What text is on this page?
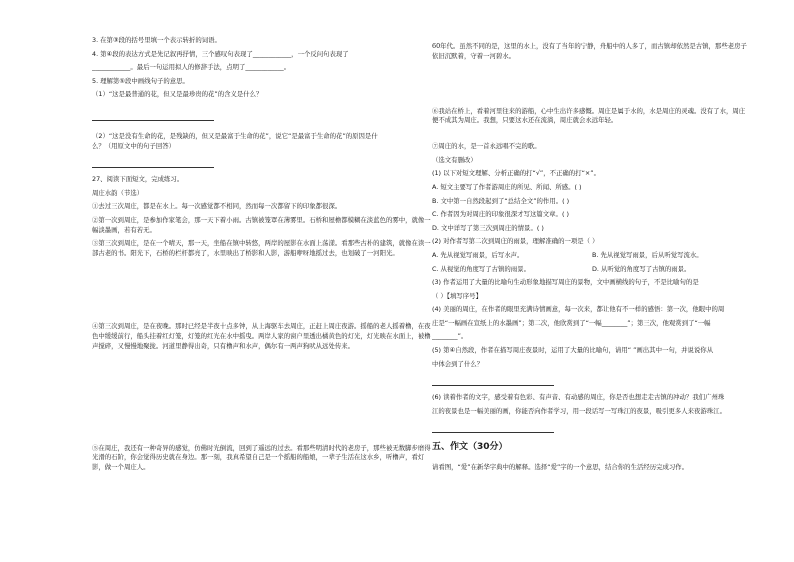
3. 在第③段的括号里填一个表示转折的词语。

4. 第④段的表达方式是先记叙再抒情，三个感叹句表现了____________，一个反问句表现了

____________。最后一句运用拟人的修辞手法，点明了____________。

5. 理解第⑤段中画线句子的意思。

（1）“这是最普通的花，但又是最珍贵的花”的含义是什么？

（2）“这是没有生命的花，是残缺的，但又是最富于生命的花”，说它“是最富于生命的花”的原因是什

么？（用原文中的句子回答）

27、阅读下面短文，完成练习。

周庄水韵（节选）

①去过三次周庄，都是在水上。每一次感觉都不相同，然而每一次都留下的印象都很深。

②第一次到周庄，是参加作家笔会，那一天下着小雨。古镇被笼罩在薄雾里。石桥和屋檐都模糊在淡蓝色的雾中，就像一幅淡墨画，若有若无。

③第三次到周庄，是在一个晴天，那一天，坐船在镇中转悠，两岸的屋影在水面上荡漾。看那些古朴的建筑，就像在读一部古老的书。阳光下，石桥的栏杆都亮了，水里映出了桥影和人影，游船咿呀地摇过去，也划破了一河阳光。

④第三次到周庄，是在夜晚。那时已经是半夜十点多钟，从上海驱车去周庄，正赶上周庄夜游。摇船的老人摇着橹，在夜色中缓缓前行，船头挂着红灯笼，灯笼的红光在水中摇曳。两岸人家的窗户里透出橘黄色的灯光，灯光映在水面上，被橹声搅碎，又慢慢地聚拢。河道里静得出奇，只有橹声和水声，偶尔有一两声狗吠从远处传来。

⑤在周庄，我还有一种奇异的感觉，仿佛时光倒流，回到了遥远的过去。看那些明清时代的老房子，那些被无数脚步磨得光滑的石阶，你会觉得历史就在身边。那一刻，我真希望自己是一个摇船的船娘，一辈子生活在这水乡，听橹声，看灯影，做一个周庄人。

60年代。虽然不同的是，这里的水上，没有了当年的宁静，舟船中的人多了，而古镇却依然是古镇，那些老房子依旧沉默着，守着一河碧水。

⑥我站在桥上，看着河里往来的游船，心中生出许多感慨。周庄是属于水的，水是周庄的灵魂。没有了水，周庄便不成其为周庄。我想，只要这水还在流淌，周庄就会永远年轻。

⑦周庄的水，是一首永远唱不完的歌。

（选文有删改）

(1) 以下对短文理解、分析正确的打“√”，不正确的打“×”。

A. 短文主要写了作者游周庄的所见、所闻、所感。( )

B. 文中第一自然段起到了“总结全文”的作用。( )

C. 作者因为对周庄的印象很深才写这篇文章。( )

D. 文中详写了第三次到周庄的情景。( )

(2) 对作者写第二次到周庄的雨景，理解准确的一项是（ ）

A. 先从视觉写雨景，后写水声。	B. 先从视觉写雨景，后从听觉写流水。
C. 从视觉的角度写了古镇的雨景。	D. 从听觉的角度写了古镇的雨景。

(3) 作者运用了大量的比喻句生动形象地描写周庄的景物，文中画横线的句子，不是比喻句的是

（ ）【填写序号】

(4) 美丽的周庄，在作者的眼里充满诗情画意，每一次来，都让他有不一样的感悟：第一次，他眼中的周

庄是“一幅画在宣纸上的水墨画”；第二次，他欣赏到了“一幅________”；第三次，他观赏到了“一幅

________”。

(5) 第④自然段，作者在描写周庄夜景时，运用了大量的比喻句，请用“ ”画出其中一句，并说说你从

中体会到了什么？

(6) 读着作者的文字，感受着有色彩、有声音、有动感的周庄，你是否也想走走古镇的冲动？我们广州珠

江的夜景也是一幅美丽的画，你能否向作者学习，用一段话写一写珠江的夜景，吸引更多人来夜游珠江。

五、作文（30分）

请看图，“爱”在新华字典中的解释。选择“爱”字的一个意思，结合你的生活经历完成习作。
